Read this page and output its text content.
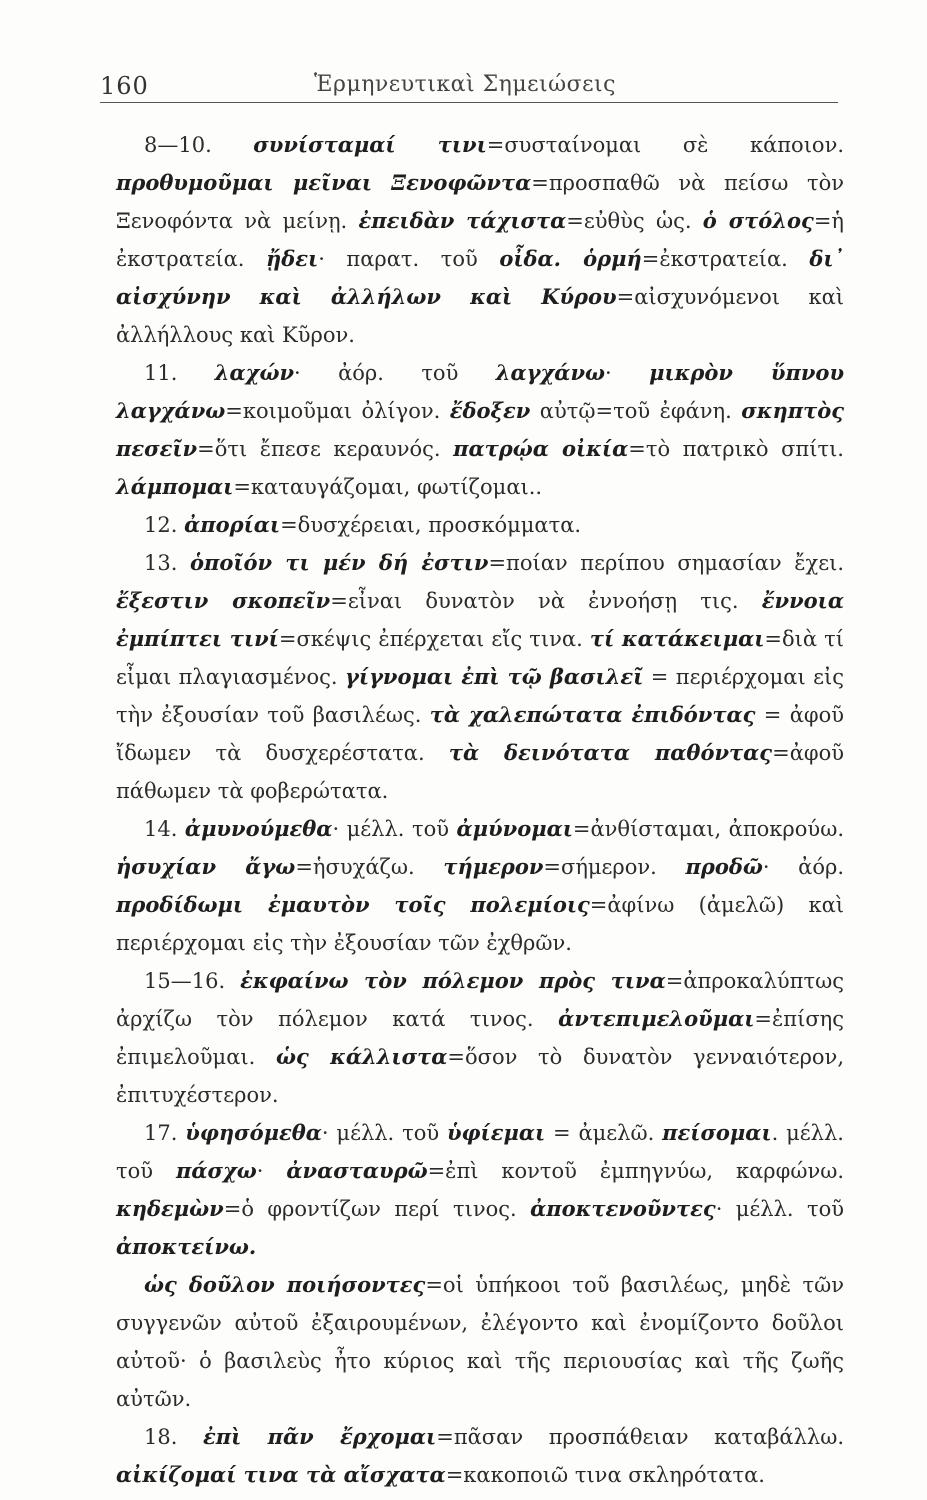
160	Ἑρμηνευτικαὶ Σημειώσεις

8—10. συνίσταμαί τινι=συσταίνομαι σὲ κάποιον. προθυμοῦμαι μεῖναι Ξενοφῶντα=προσπαθῶ νὰ πείσω τὸν Ξενοφόντα νὰ μείνῃ. ἐπειδὰν τάχιστα=εὐθὺς ὡς. ὁ στόλος=ἡ ἐκστρατεία. ᾔδει· παρατ. τοῦ οἶδα. ὁρμή=ἐκστρατεία. δι᾽ αἰσχύνην καὶ ἀλλήλων καὶ Κύρου=αἰσχυνόμενοι καὶ ἀλλήλλους καὶ Κῦρον.

11. λαχών· ἀόρ. τοῦ λαγχάνω· μικρὸν ὕπνου λαγχάνω=κοιμοῦμαι ὀλίγον. ἔδοξεν αὐτῷ=τοῦ ἐφάνη. σκηπτὸς πεσεῖν=ὅτι ἔπεσε κεραυνός. πατρῴα οἰκία=τὸ πατρικὸ σπίτι. λάμπομαι=καταυγάζομαι, φωτίζομαι..

12. ἀπορίαι=δυσχέρειαι, προσκόμματα.

13. ὁποῖόν τι μέν δή ἐστιν=ποίαν περίπου σημασίαν ἔχει. ἔξεστιν σκοπεῖν=εἶναι δυνατὸν νὰ ἐννοήσῃ τις. ἔννοια ἐμπίπτει τινί=σκέψις ἐπέρχεται εἴς τινα. τί κατάκειμαι=διὰ τί εἶμαι πλαγιασμένος. γίγνομαι ἐπὶ τῷ βασιλεῖ = περιέρχομαι εἰς τὴν ἐξουσίαν τοῦ βασιλέως. τὰ χαλεπώτατα ἐπιδόντας = ἀφοῦ ἴδωμεν τὰ δυσχερέστατα. τὰ δεινότατα παθόντας=ἀφοῦ πάθωμεν τὰ φοβερώτατα.

14. ἀμυνούμεθα· μέλλ. τοῦ ἀμύνομαι=ἀνθίσταμαι, ἀποκρούω. ἡσυχίαν ἄγω=ἡσυχάζω. τήμερον=σήμερον. προδῶ· ἀόρ. προδίδωμι ἐμαυτὸν τοῖς πολεμίοις=ἀφίνω (ἀμελῶ) καὶ περιέρχομαι εἰς τὴν ἐξουσίαν τῶν ἐχθρῶν.

15—16. ἐκφαίνω τὸν πόλεμον πρὸς τινα=ἀπροκαλύπτως ἀρχίζω τὸν πόλεμον κατά τινος. ἀντεπιμελοῦμαι=ἐπίσης ἐπιμελοῦμαι. ὡς κάλλιστα=ὅσον τὸ δυνατὸν γενναιότερον, ἐπιτυχέστερον.

17. ὑφησόμεθα· μέλλ. τοῦ ὑφίεμαι = ἀμελῶ. πείσομαι. μέλλ. τοῦ πάσχω· ἀνασταυρῶ=ἐπὶ κοντοῦ ἐμπηγνύω, καρφώνω. κηδεμὼν=ὁ φροντίζων περί τινος. ἀποκτενοῦντες· μέλλ. τοῦ ἀποκτείνω.

ὡς δοῦλον ποιήσοντες=οἱ ὑπήκοοι τοῦ βασιλέως, μηδὲ τῶν συγγενῶν αὐτοῦ ἐξαιρουμένων, ἐλέγοντο καὶ ἐνομίζοντο δοῦλοι αὐτοῦ· ὁ βασιλεὺς ἦτο κύριος καὶ τῆς περιουσίας καὶ τῆς ζωῆς αὐτῶν.

18. ἐπὶ πᾶν ἔρχομαι=πᾶσαν προσπάθειαν καταβάλλω. αἰκίζομαί τινα τὰ αἴσχατα=κακοποιῶ τινα σκληρότατα.
